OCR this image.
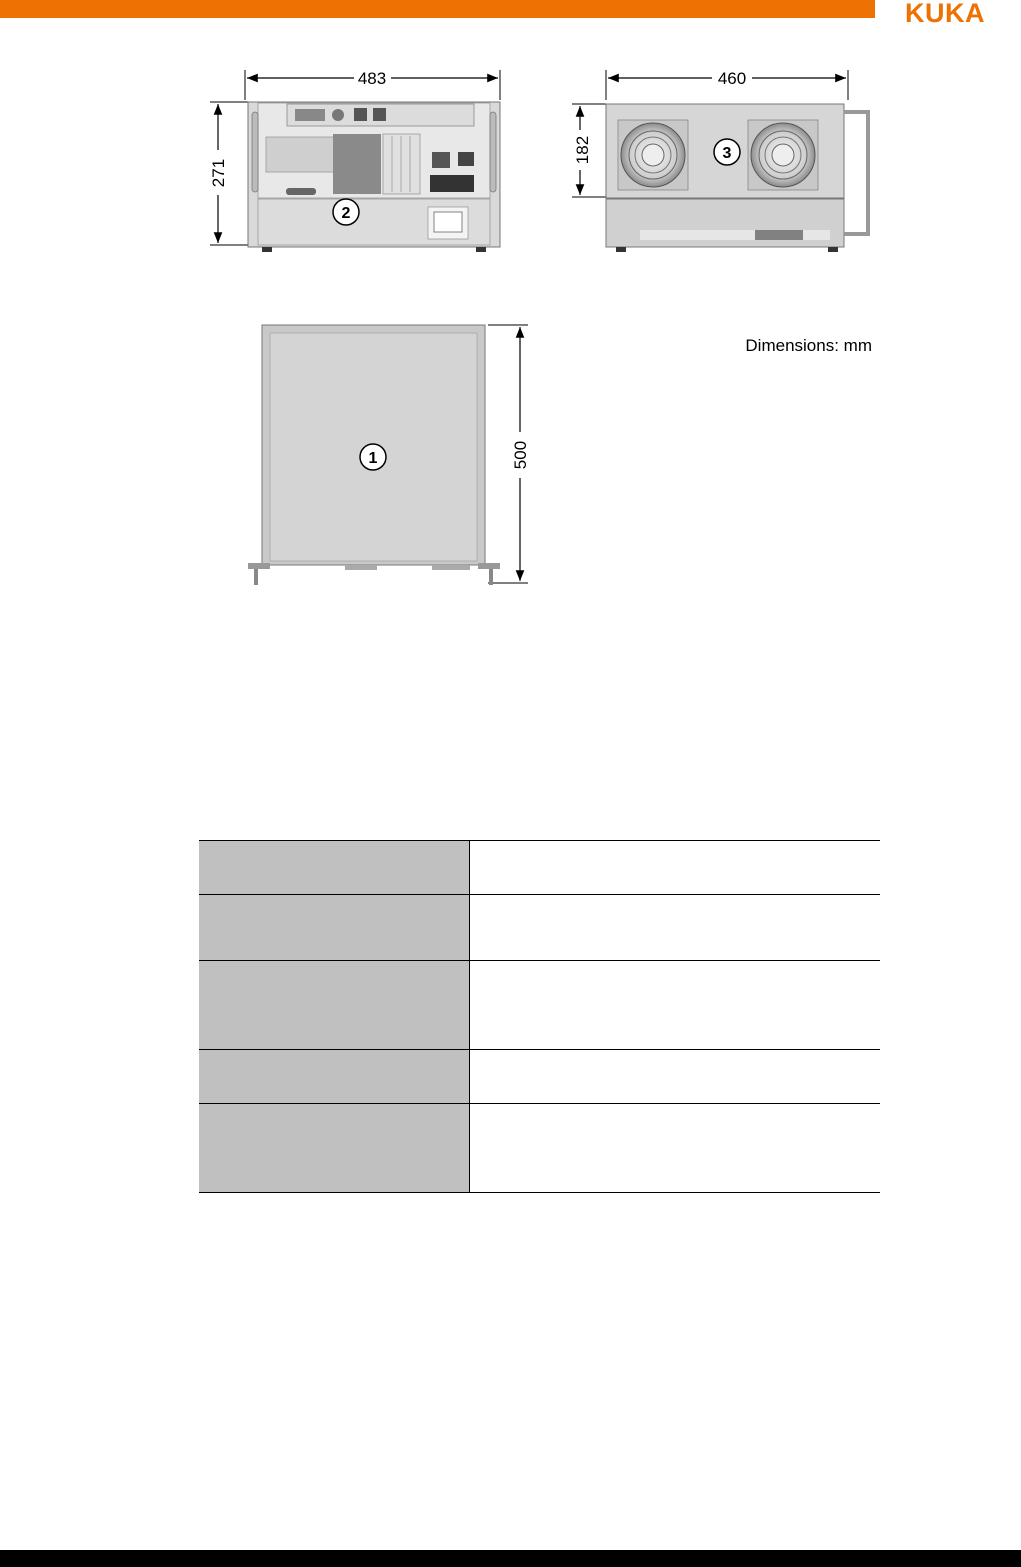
KUKA
483
271
2
460
182	3
500
1
Dimensions: mm
